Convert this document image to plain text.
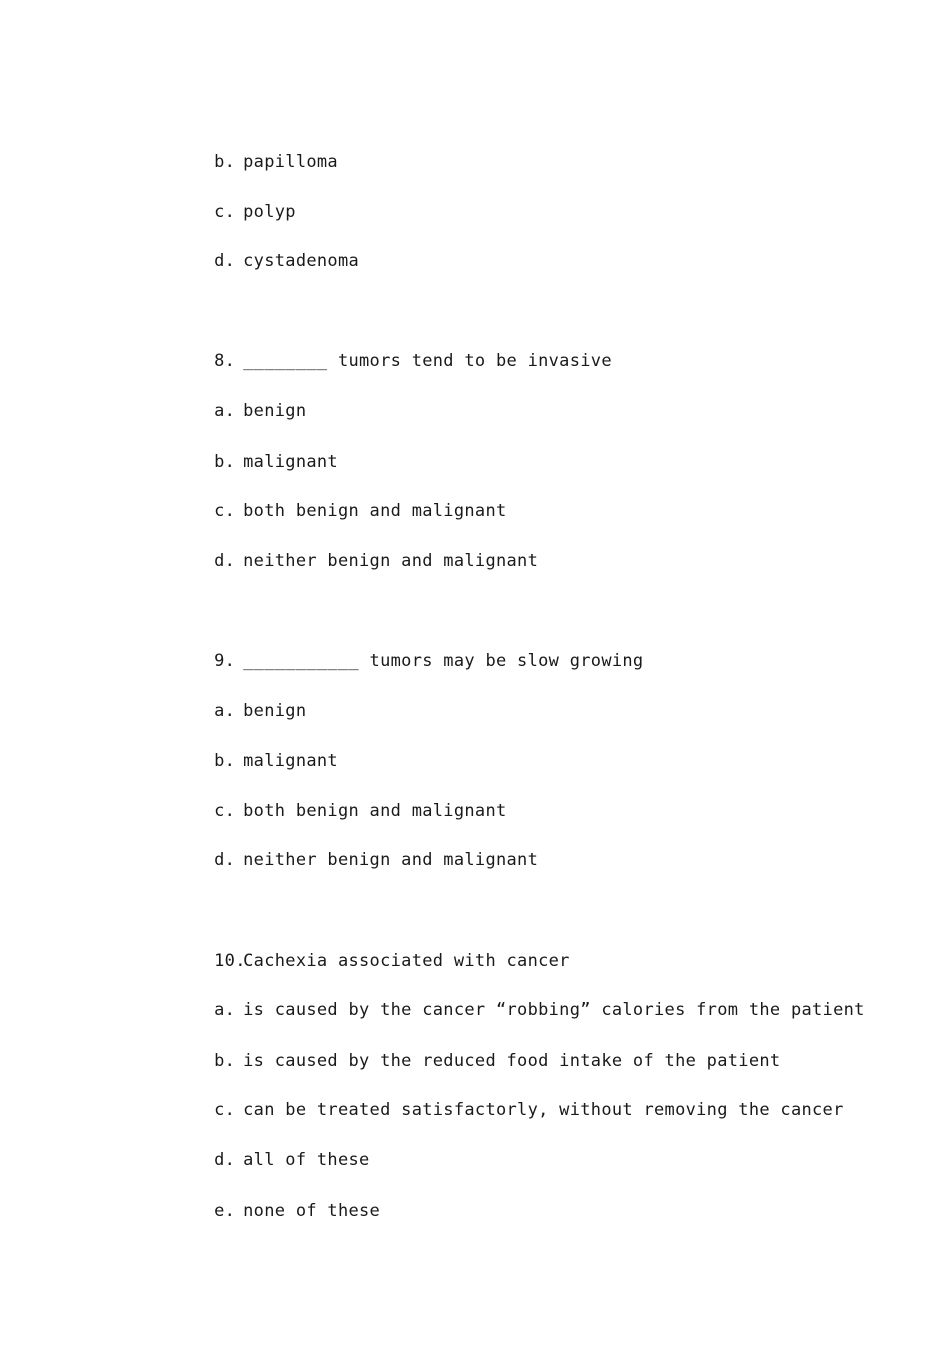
b. papilloma

c. polyp

d. cystadenoma

8. ________ tumors tend to be invasive

a. benign

b. malignant

c. both benign and malignant

d. neither benign and malignant

9. ___________ tumors may be slow growing

a. benign

b. malignant

c. both benign and malignant

d. neither benign and malignant

10.Cachexia associated with cancer

a. is caused by the cancer “robbing” calories from the patient

b. is caused by the reduced food intake of the patient

c. can be treated satisfactorly, without removing the cancer

d. all of these

e. none of these
